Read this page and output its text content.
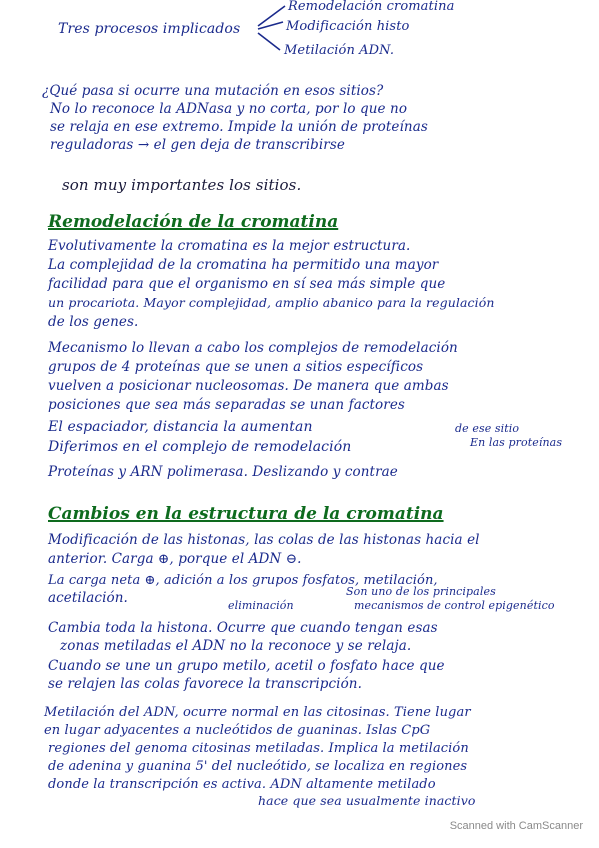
Tres procesos implicados
Remodelación cromatina
Modificación histo
Metilación ADN.
¿Qué pasa si ocurre una mutación en esos sitios?
No lo reconoce la ADNasa y no corta, por lo que no
se relaja en ese extremo. Impide la unión de proteínas
reguladoras → el gen deja de transcribirse
son muy importantes los sitios.
Remodelación de la cromatina
Evolutivamente la cromatina es la mejor estructura.
La complejidad de la cromatina ha permitido una mayor
facilidad para que el organismo en sí sea más simple que
un procariota. Mayor complejidad, amplio abanico para la regulación
de los genes.
Mecanismo lo llevan a cabo los complejos de remodelación
grupos de 4 proteínas que se unen a sitios específicos
vuelven a posicionar nucleosomas. De manera que ambas
posiciones que sea más separadas se unan factores
El espaciador, distancia la aumentan
Diferimos en el complejo de remodelación
de ese sitio
En las proteínas
Proteínas y ARN polimerasa. Deslizando y contrae
Cambios en la estructura de la cromatina
Modificación de las histonas, las colas de las histonas hacia el
anterior. Carga ⊕, porque el ADN ⊖.
La carga neta ⊕, adición a los grupos fosfatos, metilación,
acetilación.	eliminación
Son uno de los principales
mecanismos de control epigenético
Cambia toda la histona. Ocurre que cuando tengan esas
zonas metiladas el ADN no la reconoce y se relaja.
Cuando se une un grupo metilo, acetil o fosfato hace que
se relajen las colas favorece la transcripción.
Metilación del ADN, ocurre normal en las citosinas. Tiene lugar
en lugar adyacentes a nucleótidos de guaninas. Islas CpG
regiones del genoma citosinas metiladas. Implica la metilación
de adenina y guanina 5' del nucleótido, se localiza en regiones
donde la transcripción es activa. ADN altamente metilado
hace que sea usualmente inactivo
Scanned with CamScanner
